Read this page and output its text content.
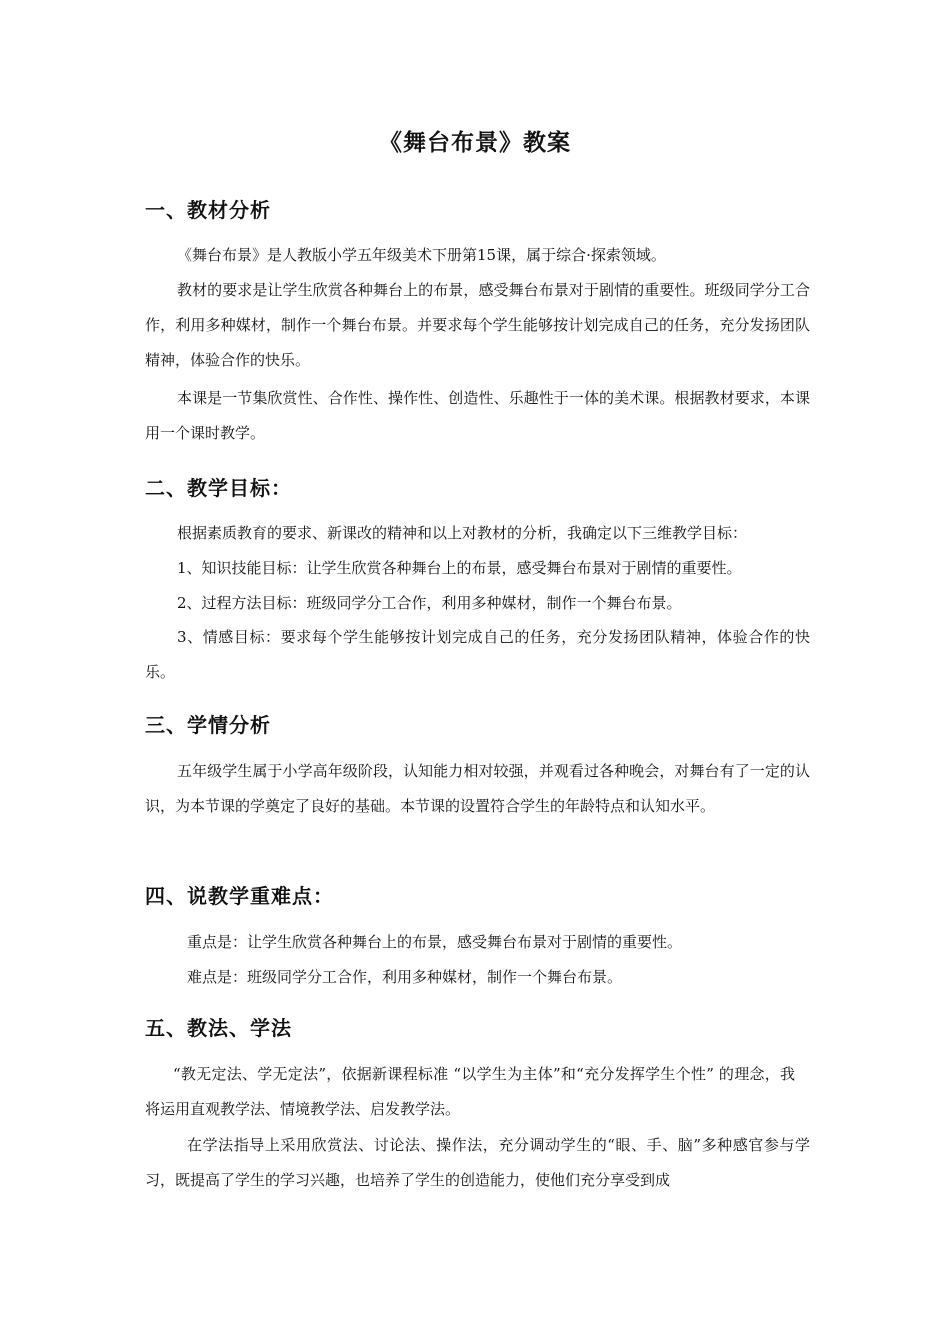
《舞台布景》教案
一、教材分析

《舞台布景》是人教版小学五年级美术下册第15课，属于综合·探索领域。

教材的要求是让学生欣赏各种舞台上的布景，感受舞台布景对于剧情的重要性。班级同学分工合作，利用多种媒材，制作一个舞台布景。并要求每个学生能够按计划完成自己的任务，充分发扬团队精神，体验合作的快乐。

本课是一节集欣赏性、合作性、操作性、创造性、乐趣性于一体的美术课。根据教材要求，本课用一个课时教学。

二、教学目标：

根据素质教育的要求、新课改的精神和以上对教材的分析，我确定以下三维教学目标：

1、知识技能目标：让学生欣赏各种舞台上的布景，感受舞台布景对于剧情的重要性。

2、过程方法目标：班级同学分工合作，利用多种媒材，制作一个舞台布景。

3、情感目标：要求每个学生能够按计划完成自己的任务，充分发扬团队精神，体验合作的快乐。

三、学情分析

五年级学生属于小学高年级阶段，认知能力相对较强，并观看过各种晚会，对舞台有了一定的认识，为本节课的学奠定了良好的基础。本节课的设置符合学生的年龄特点和认知水平。

四、说教学重难点：

重点是：让学生欣赏各种舞台上的布景，感受舞台布景对于剧情的重要性。

难点是：班级同学分工合作，利用多种媒材，制作一个舞台布景。

五、教法、学法

“教无定法、学无定法”，依据新课程标准 “以学生为主体”和“充分发挥学生个性” 的理念，我将运用直观教学法、情境教学法、启发教学法。

在学法指导上采用欣赏法、讨论法、操作法，充分调动学生的“眼、手、脑”多种感官参与学习，既提高了学生的学习兴趣，也培养了学生的创造能力，使他们充分享受到成
